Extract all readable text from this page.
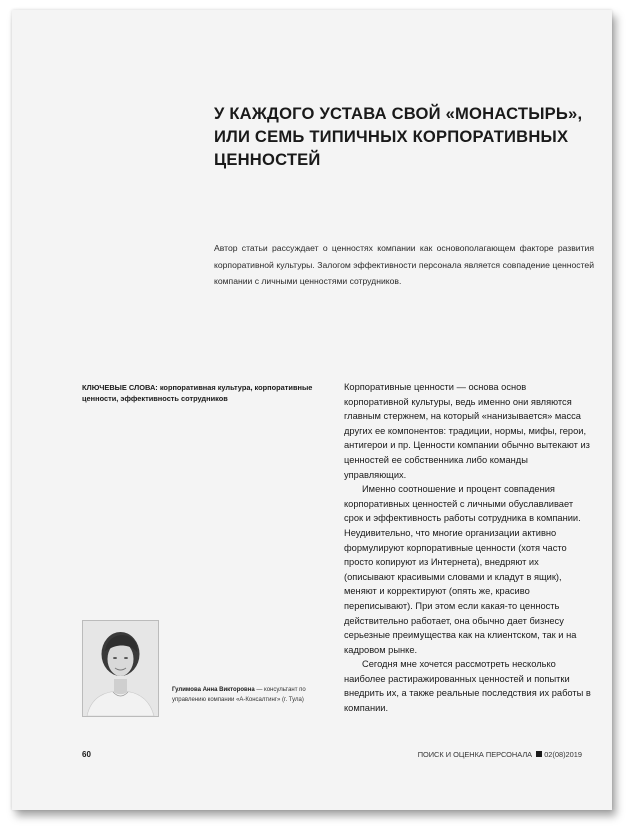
У КАЖДОГО УСТАВА СВОЙ «МОНАСТЫРЬ»,
ИЛИ СЕМЬ ТИПИЧНЫХ КОРПОРАТИВНЫХ
ЦЕННОСТЕЙ

Автор статьи рассуждает о ценностях компании как основополагающем факторе развития корпоративной культуры. Залогом эффективности персонала является совпадение ценностей компании с личными ценностями сотрудников.

КЛЮЧЕВЫЕ СЛОВА: корпоративная культура, корпоративные ценности, эффективность сотрудников

Корпоративные ценности — основа основ корпоративной культуры, ведь именно они являются главным стержнем, на который «нанизывается» масса других ее компонентов: традиции, нормы, мифы, герои, антигерои и пр. Ценности компании обычно вытекают из ценностей ее собственника либо команды управляющих.

Именно соотношение и процент совпадения корпоративных ценностей с личными обуславливает срок и эффективность работы сотрудника в компании. Неудивительно, что многие организации активно формулируют корпоративные ценности (хотя часто просто копируют из Интернета), внедряют их (описывают красивыми словами и кладут в ящик), меняют и корректируют (опять же, красиво переписывают). При этом если какая-то ценность действительно работает, она обычно дает бизнесу серьезные преимущества как на клиентском, так и на кадровом рынке.

Сегодня мне хочется рассмотреть несколько наиболее растиражированных ценностей и попытки внедрить их, а также реальные последствия их работы в компании.

Гулимова Анна Викторовна — консультант по управлению компании «А-Консалтинг» (г. Тула)

60	ПОИСК И ОЦЕНКА ПЕРСОНАЛА 02(08)2019
